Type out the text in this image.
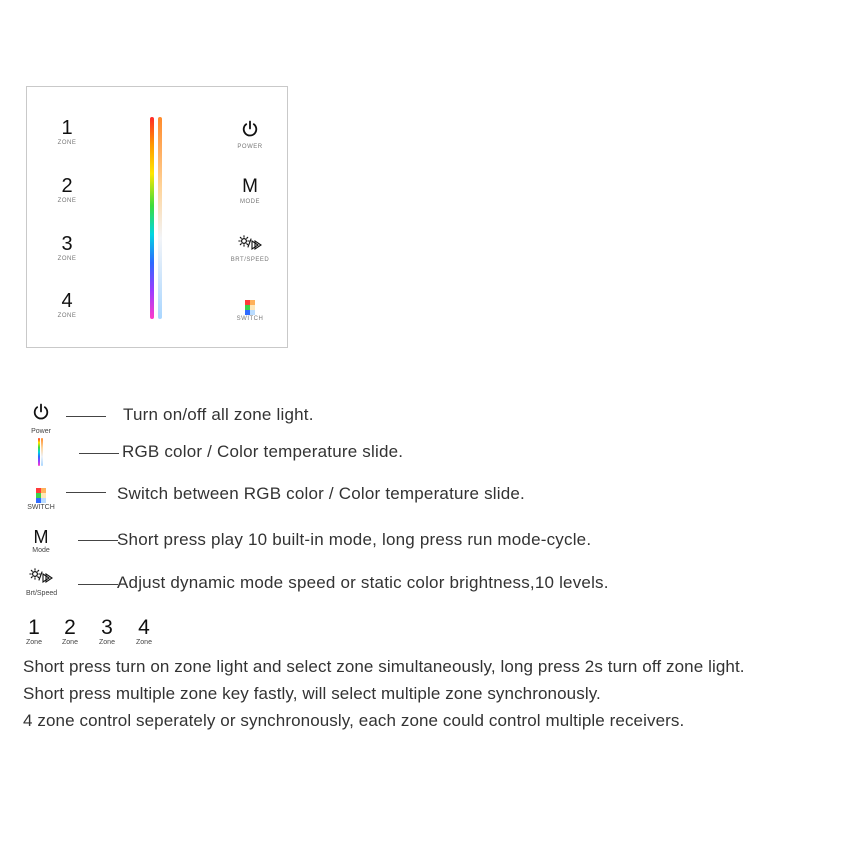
1
ZONE
2
ZONE
3
ZONE
4
ZONE
POWER
M
MODE
BRT/SPEED
SWITCH
Power
Turn on/off all zone light.
RGB color / Color temperature slide.
SWITCH
Switch between RGB color / Color temperature slide.
M
Mode
Short press play 10 built-in mode, long press run mode-cycle.
Brt/Speed
Adjust dynamic mode speed or static color brightness,10 levels.
1
Zone
2
Zone
3
Zone
4
Zone
Short press turn on zone light and select zone simultaneously, long press 2s turn off zone light.
Short press multiple zone key fastly, will select multiple zone synchronously.
4 zone control seperately or synchronously, each zone could control multiple receivers.
